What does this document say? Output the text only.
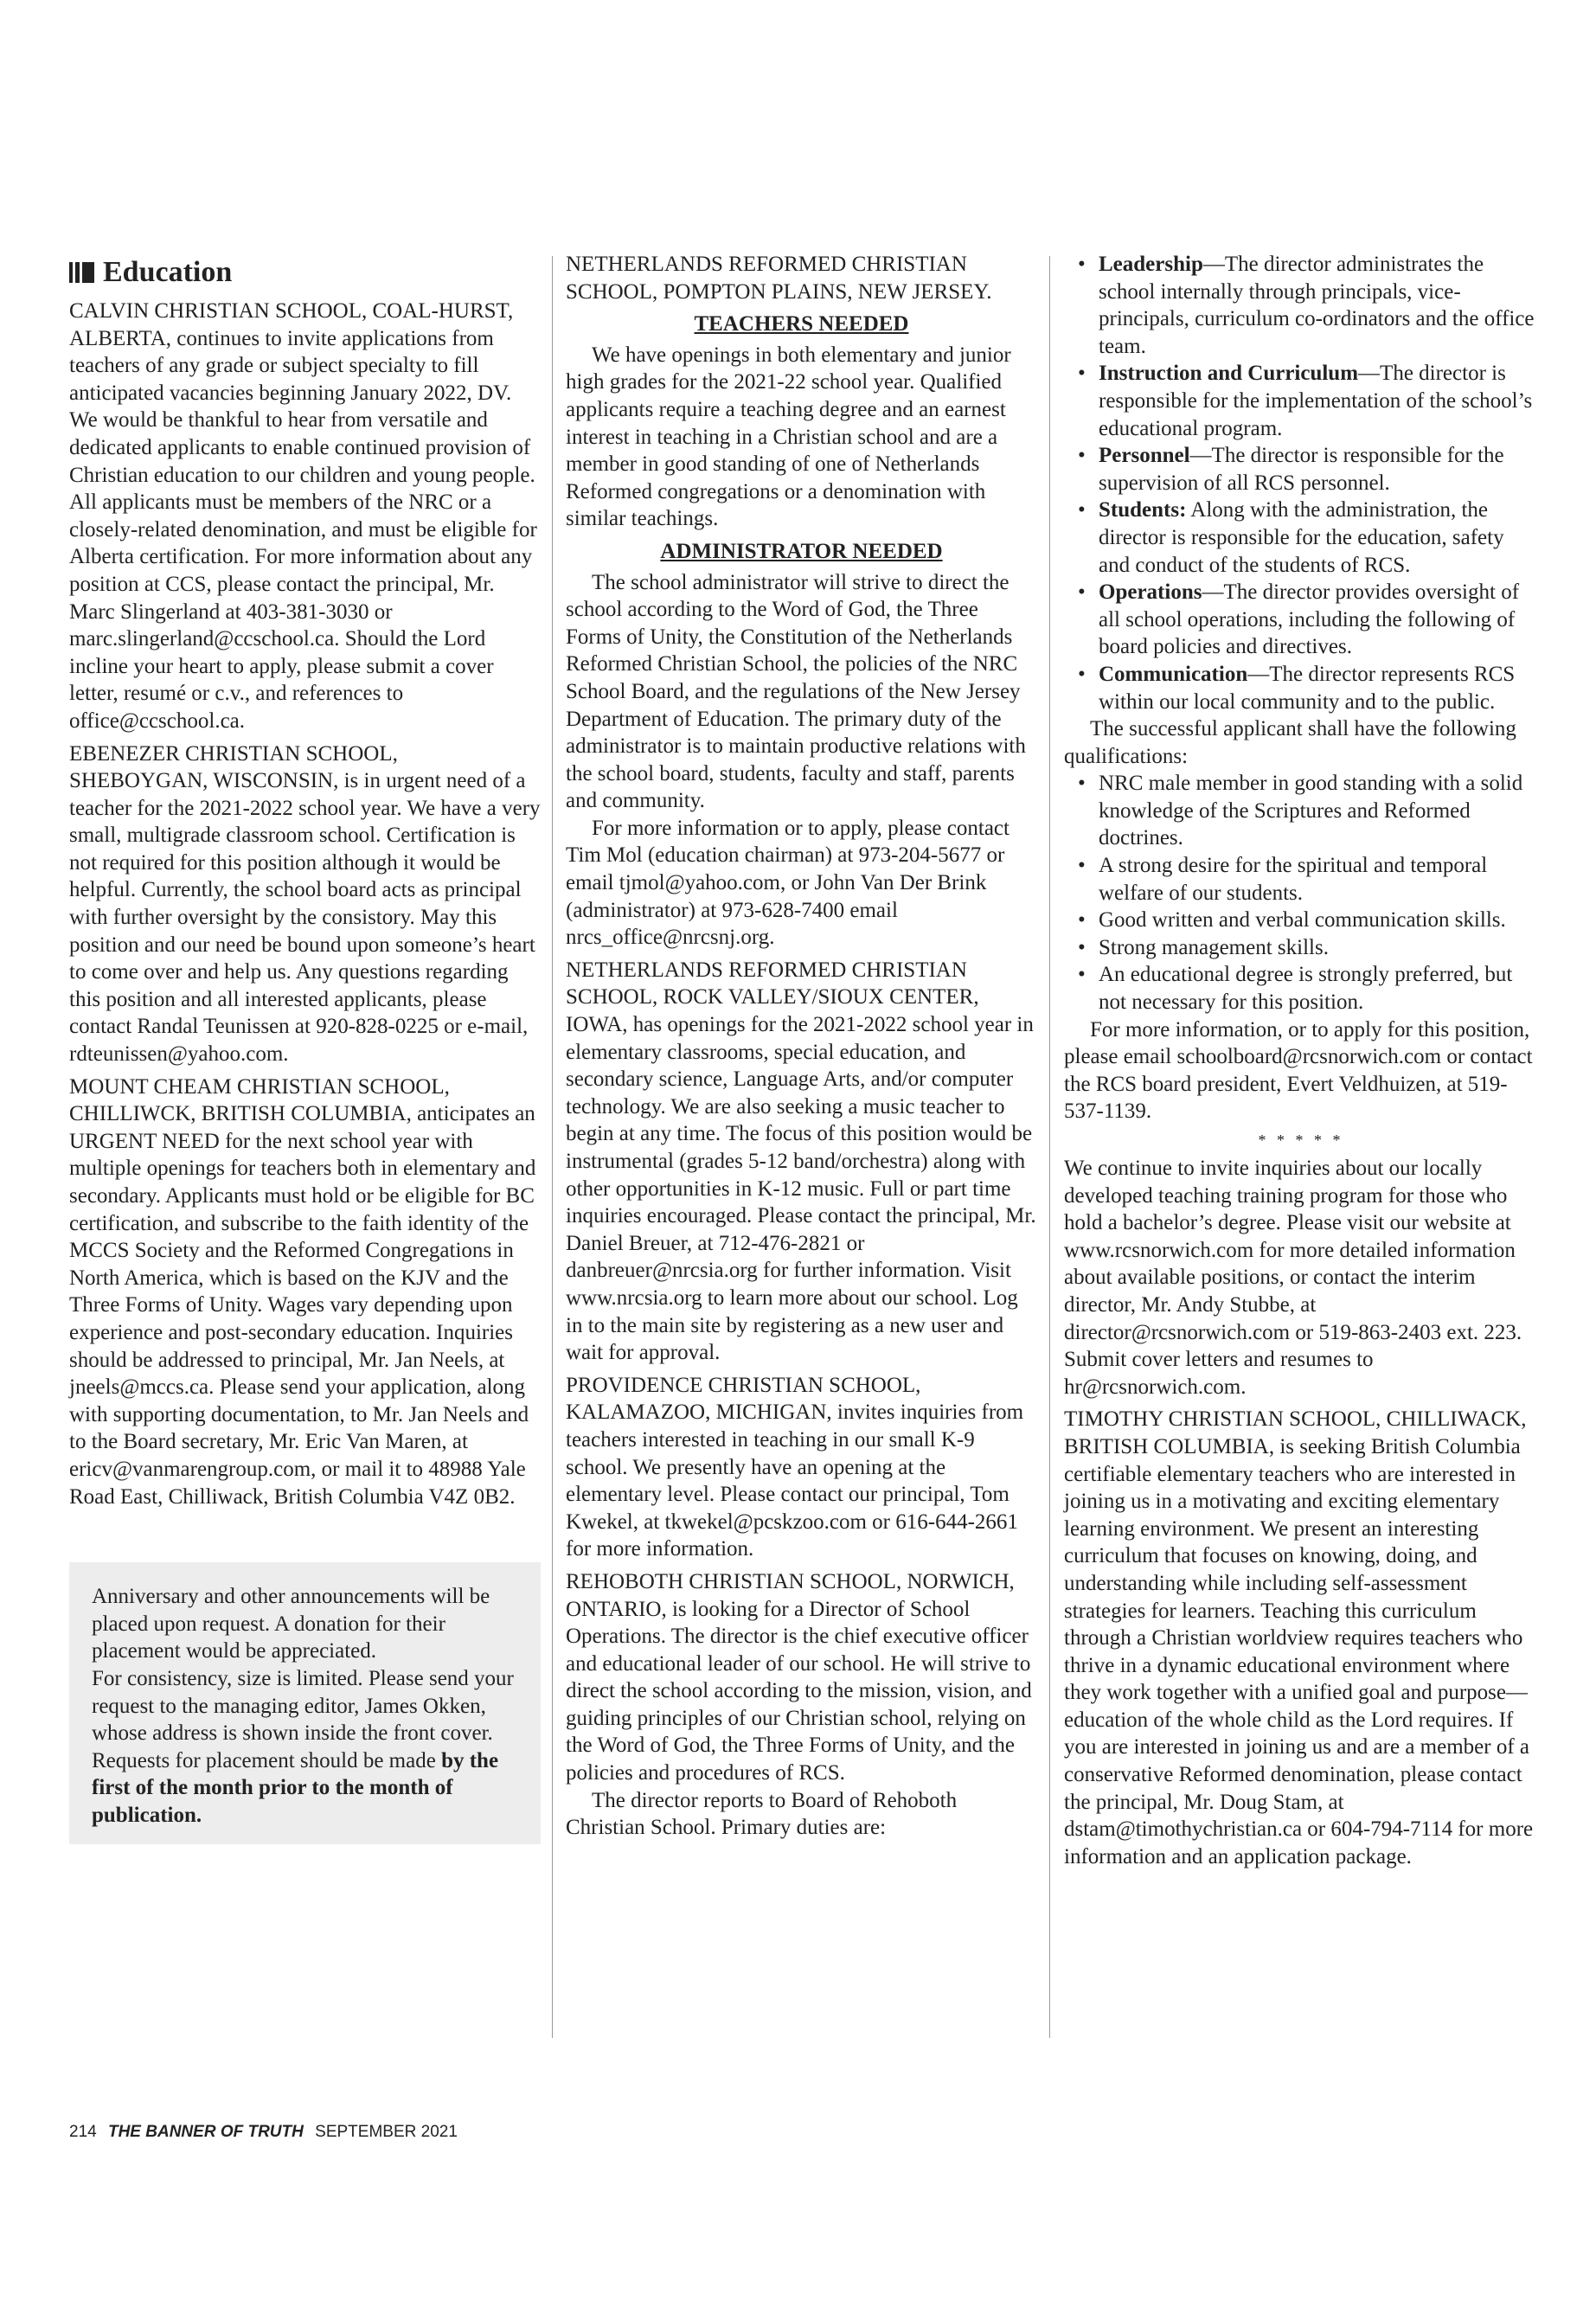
Education

CALVIN CHRISTIAN SCHOOL, COAL-HURST, ALBERTA, continues to invite applications from teachers of any grade or subject specialty to fill anticipated vacancies beginning January 2022, DV. We would be thankful to hear from versatile and dedicated applicants to enable continued provision of Christian education to our children and young people. All applicants must be members of the NRC or a closely-related denomination, and must be eligible for Alberta certification. For more information about any position at CCS, please contact the principal, Mr. Marc Slingerland at 403-381-3030 or marc.slingerland@ccschool.ca. Should the Lord incline your heart to apply, please submit a cover letter, resumé or c.v., and references to office@ccschool.ca.

EBENEZER CHRISTIAN SCHOOL, SHEBOYGAN, WISCONSIN, is in urgent need of a teacher for the 2021-2022 school year. We have a very small, multigrade classroom school. Certification is not required for this position although it would be helpful. Currently, the school board acts as principal with further oversight by the consistory. May this position and our need be bound upon someone’s heart to come over and help us. Any questions regarding this position and all interested applicants, please contact Randal Teunissen at 920-828-0225 or e-mail, rdteunissen@yahoo.com.

MOUNT CHEAM CHRISTIAN SCHOOL, CHILLIWCK, BRITISH COLUMBIA, anticipates an URGENT NEED for the next school year with multiple openings for teachers both in elementary and secondary. Applicants must hold or be eligible for BC certification, and subscribe to the faith identity of the MCCS Society and the Reformed Congregations in North America, which is based on the KJV and the Three Forms of Unity. Wages vary depending upon experience and post-secondary education. Inquiries should be addressed to principal, Mr. Jan Neels, at jneels@mccs.ca. Please send your application, along with supporting documentation, to Mr. Jan Neels and to the Board secretary, Mr. Eric Van Maren, at ericv@vanmarengroup.com, or mail it to 48988 Yale Road East, Chilliwack, British Columbia V4Z 0B2.

Anniversary and other announcements will be placed upon request. A donation for their placement would be appreciated.

For consistency, size is limited. Please send your request to the managing editor, James Okken, whose address is shown inside the front cover. Requests for placement should be made by the first of the month prior to the month of publication.

NETHERLANDS REFORMED CHRISTIAN SCHOOL, POMPTON PLAINS, NEW JERSEY.

TEACHERS NEEDED

We have openings in both elementary and junior high grades for the 2021-22 school year. Qualified applicants require a teaching degree and an earnest interest in teaching in a Christian school and are a member in good standing of one of Netherlands Reformed congregations or a denomination with similar teachings.

ADMINISTRATOR NEEDED

The school administrator will strive to direct the school according to the Word of God, the Three Forms of Unity, the Constitution of the Netherlands Reformed Christian School, the policies of the NRC School Board, and the regulations of the New Jersey Department of Education. The primary duty of the administrator is to maintain productive relations with the school board, students, faculty and staff, parents and community.

For more information or to apply, please contact Tim Mol (education chairman) at 973-204-5677 or email tjmol@yahoo.com, or John Van Der Brink (administrator) at 973-628-7400 email nrcs_office@nrcsnj.org.

NETHERLANDS REFORMED CHRISTIAN SCHOOL, ROCK VALLEY/SIOUX CENTER, IOWA, has openings for the 2021-2022 school year in elementary classrooms, special education, and secondary science, Language Arts, and/or computer technology. We are also seeking a music teacher to begin at any time. The focus of this position would be instrumental (grades 5-12 band/orchestra) along with other opportunities in K-12 music. Full or part time inquiries encouraged. Please contact the principal, Mr. Daniel Breuer, at 712-476-2821 or danbreuer@nrcsia.org for further information. Visit www.nrcsia.org to learn more about our school. Log in to the main site by registering as a new user and wait for approval.

PROVIDENCE CHRISTIAN SCHOOL, KALAMAZOO, MICHIGAN, invites inquiries from teachers interested in teaching in our small K-9 school. We presently have an opening at the elementary level. Please contact our principal, Tom Kwekel, at tkwekel@pcskzoo.com or 616-644-2661 for more information.

REHOBOTH CHRISTIAN SCHOOL, NORWICH, ONTARIO, is looking for a Director of School Operations. The director is the chief executive officer and educational leader of our school. He will strive to direct the school according to the mission, vision, and guiding principles of our Christian school, relying on the Word of God, the Three Forms of Unity, and the policies and procedures of RCS.

The director reports to Board of Rehoboth Christian School. Primary duties are:

• Leadership—The director administrates the school internally through principals, vice-principals, curriculum co-ordinators and the office team.
• Instruction and Curriculum—The director is responsible for the implementation of the school’s educational program.
• Personnel—The director is responsible for the supervision of all RCS personnel.
• Students: Along with the administration, the director is responsible for the education, safety and conduct of the students of RCS.
• Operations—The director provides oversight of all school operations, including the following of board policies and directives.
• Communication—The director represents RCS within our local community and to the public.

The successful applicant shall have the following qualifications:

• NRC male member in good standing with a solid knowledge of the Scriptures and Reformed doctrines.
• A strong desire for the spiritual and temporal welfare of our students.
• Good written and verbal communication skills.
• Strong management skills.
• An educational degree is strongly preferred, but not necessary for this position.

For more information, or to apply for this position, please email schoolboard@rcsnorwich.com or contact the RCS board president, Evert Veldhuizen, at 519-537-1139.

* * * * *

We continue to invite inquiries about our locally developed teaching training program for those who hold a bachelor’s degree. Please visit our website at www.rcsnorwich.com for more detailed information about available positions, or contact the interim director, Mr. Andy Stubbe, at director@rcsnorwich.com or 519-863-2403 ext. 223. Submit cover letters and resumes to hr@rcsnorwich.com.

TIMOTHY CHRISTIAN SCHOOL, CHILLIWACK, BRITISH COLUMBIA, is seeking British Columbia certifiable elementary teachers who are interested in joining us in a motivating and exciting elementary learning environment. We present an interesting curriculum that focuses on knowing, doing, and understanding while including self-assessment strategies for learners. Teaching this curriculum through a Christian worldview requires teachers who thrive in a dynamic educational environment where they work together with a unified goal and purpose—education of the whole child as the Lord requires. If you are interested in joining us and are a member of a conservative Reformed denomination, please contact the principal, Mr. Doug Stam, at dstam@timothychristian.ca or 604-794-7114 for more information and an application package.

214 THE BANNER OF TRUTH SEPTEMBER 2021
